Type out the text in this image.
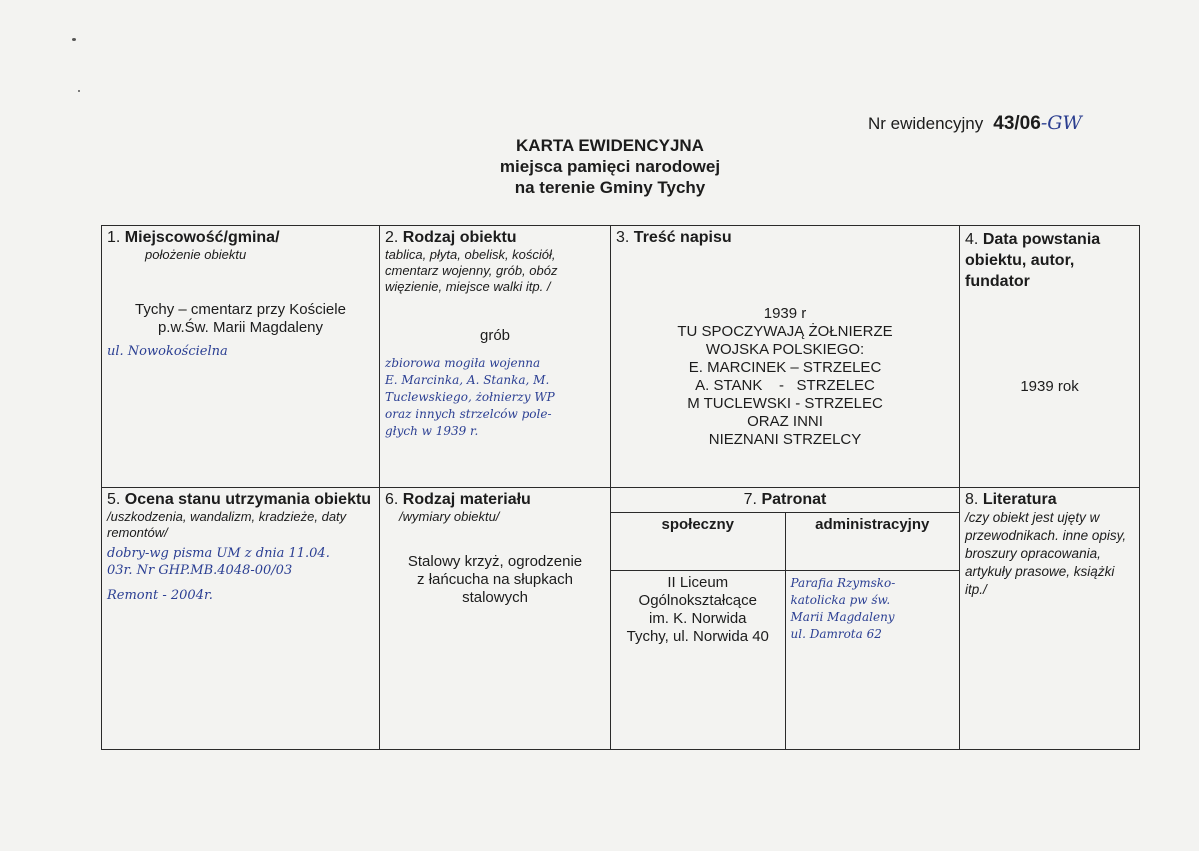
Nr ewidencyjny 43/06-GW
KARTA EWIDENCYJNA
miejsca pamięci narodowej
na terenie Gminy Tychy
1. Miejscowość/gmina/
położenie obiektu
Tychy – cmentarz przy Kościele
p.w.Św. Marii Magdaleny
ul. Nowokościelna

2. Rodzaj obiektu
tablica, płyta, obelisk, kościół, cmentarz wojenny, grób, obóz więzienie, miejsce walki itp. /
grób
zbiorowa mogiła wojenna
E. Marcinka, A. Stanka, M.
Tuclewskiego, żołnierzy WP
oraz innych strzelców pole-
głych w 1939 r.

3. Treść napisu
1939 r
TU SPOCZYWAJĄ ŻOŁNIERZE
WOJSKA POLSKIEGO:
E. MARCINEK – STRZELEC
A. STANK    -   STRZELEC
M TUCLEWSKI - STRZELEC
ORAZ INNI
NIEZNANI STRZELCY

4. Data powstania obiektu, autor, fundator
1939 rok

5. Ocena stanu utrzymania obiektu
/uszkodzenia, wandalizm, kradzieże, daty remontów/
dobry-wg pisma UM z dnia 11.04.
03r. Nr GHP.MB.4048-00/03
Remont - 2004r.

6. Rodzaj materiału
/wymiary obiektu/
Stalowy krzyż, ogrodzenie
z łańcucha na słupkach
stalowych

7. Patronat
społeczny	administracyjny

II Liceum
Ogólnokształcące
im. K. Norwida
Tychy, ul. Norwida 40

Parafia Rzymsko-
katolicka pw św.
Marii Magdaleny
ul. Damrota 62

8. Literatura
/czy obiekt jest ujęty w przewodnikach. inne opisy, broszury opracowania, artykuły prasowe, książki itp./
